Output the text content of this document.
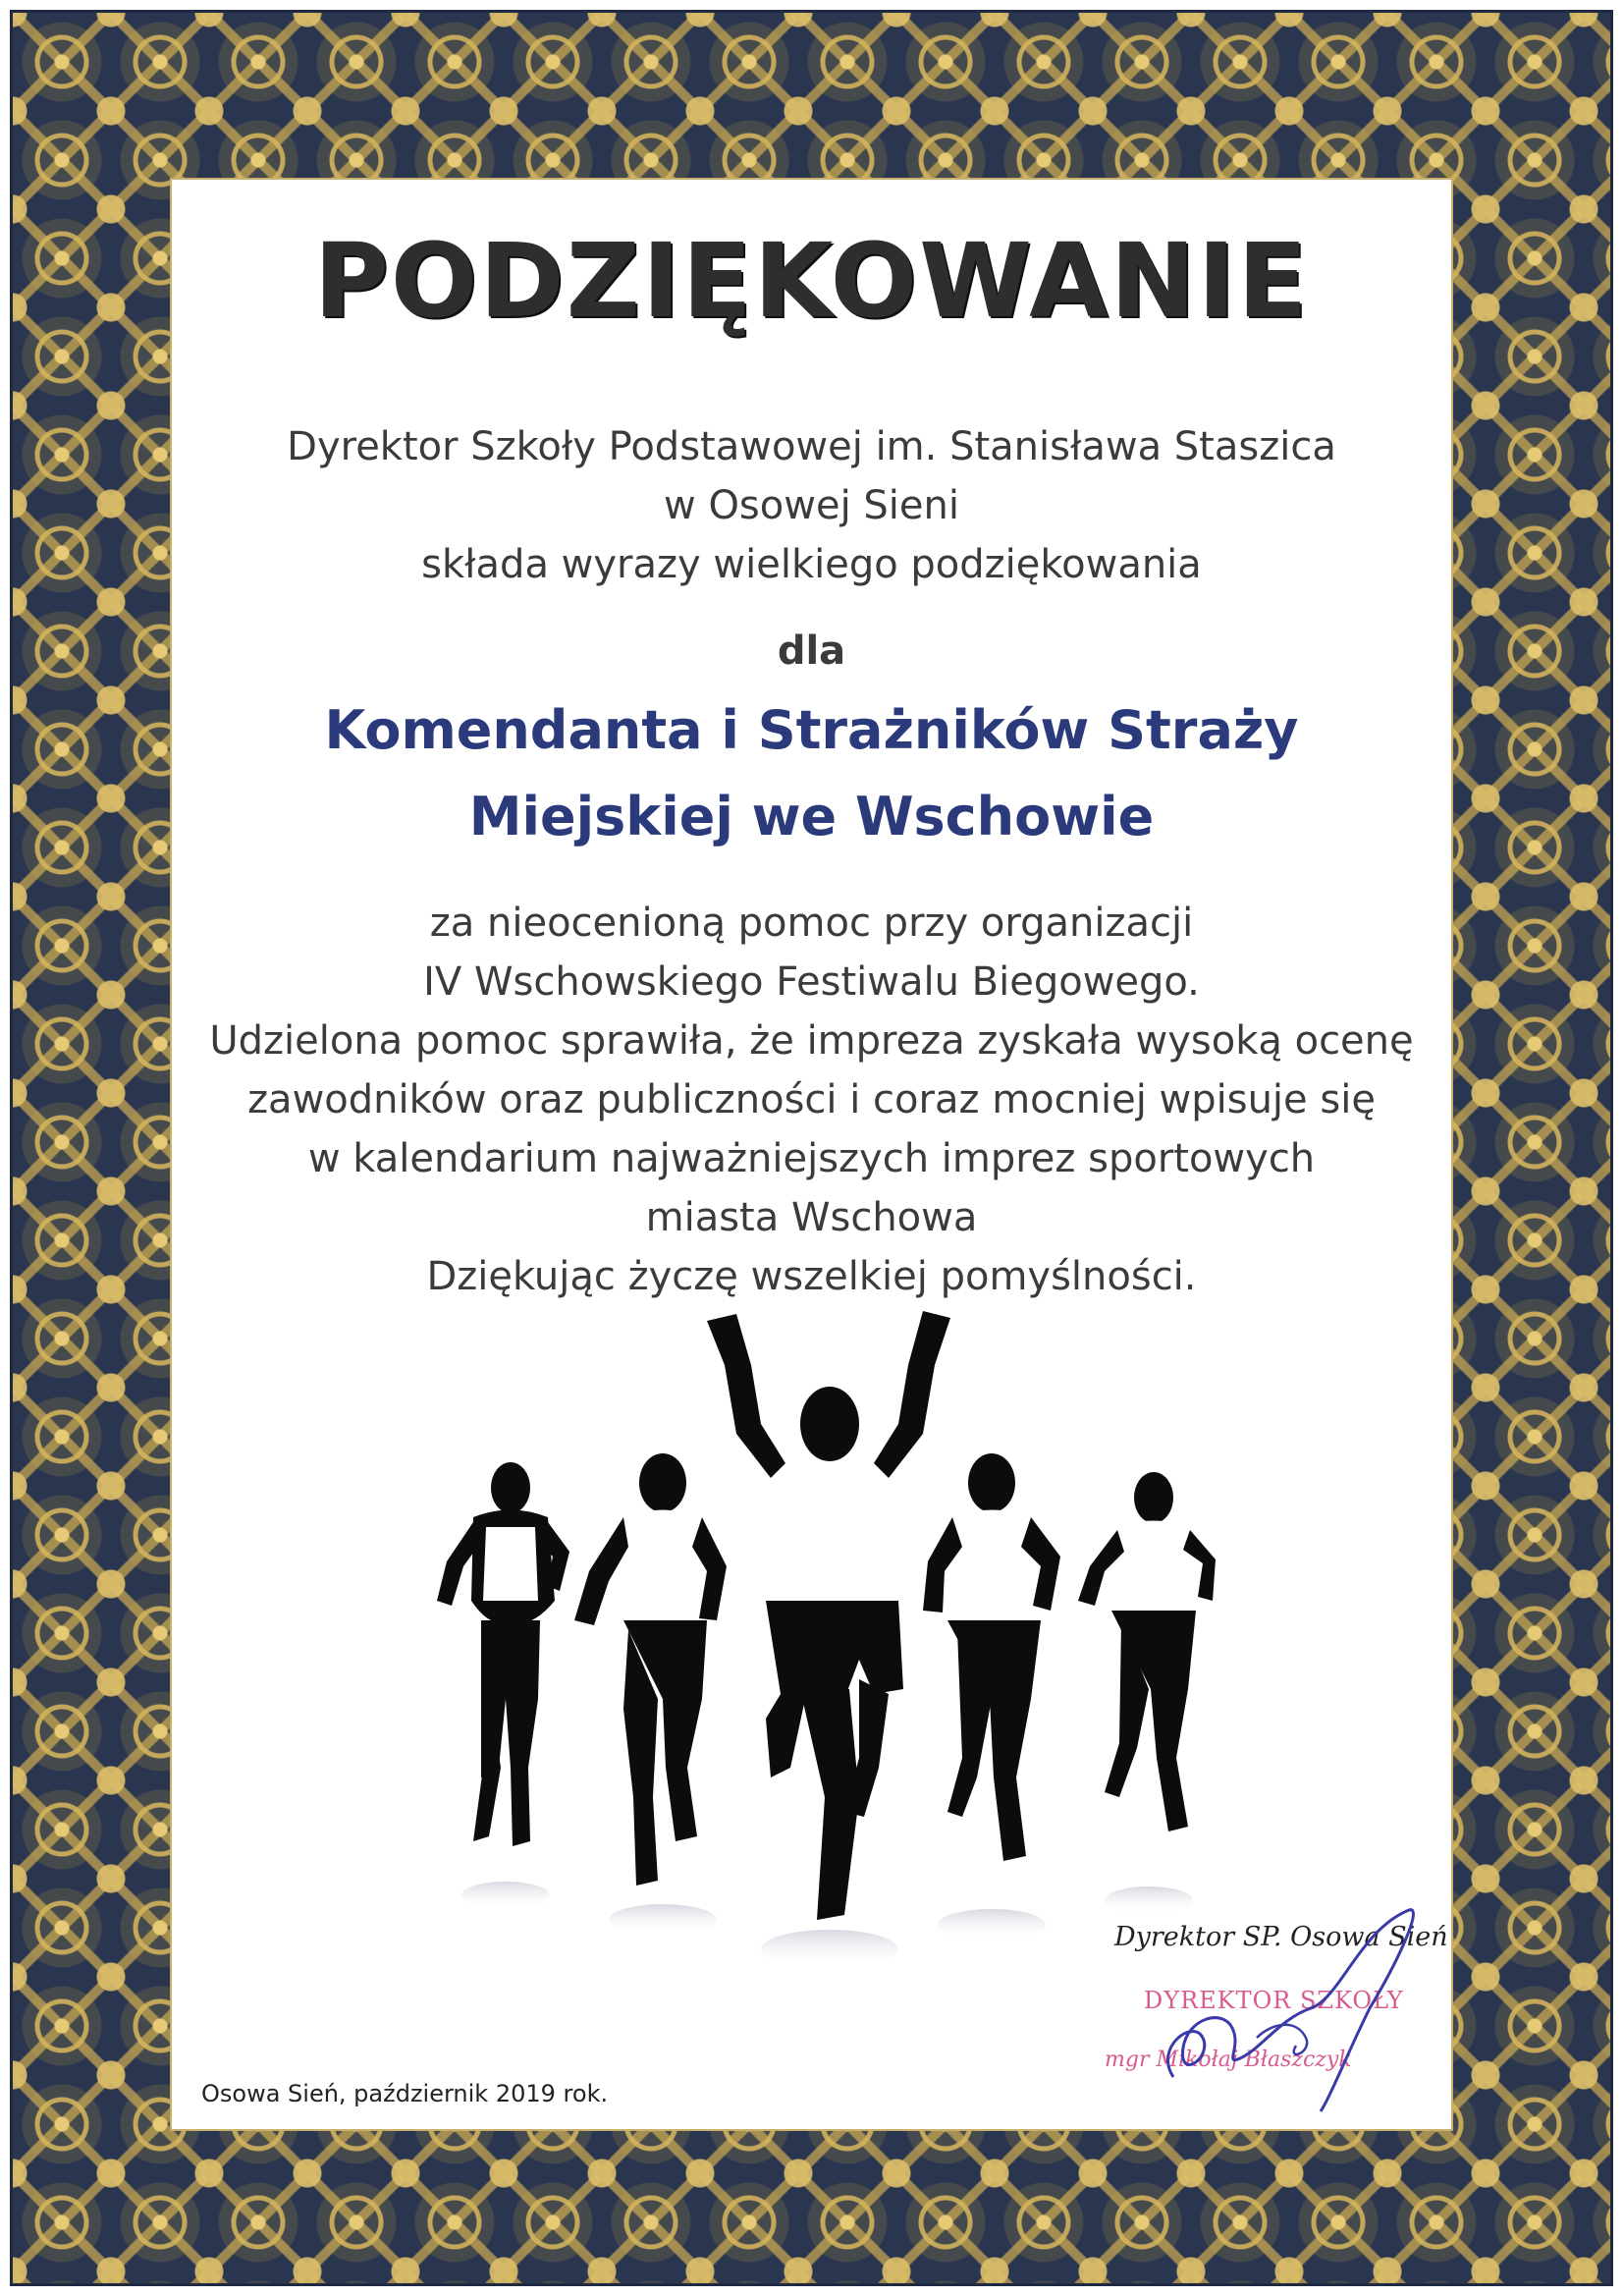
PODZIĘKOWANIE
Dyrektor Szkoły Podstawowej im. Stanisława Staszica
w Osowej Sieni
składa wyrazy wielkiego podziękowania
dla
Komendanta i Strażników Straży
Miejskiej we Wschowie
za nieocenioną pomoc przy organizacji
IV Wschowskiego Festiwalu Biegowego.
Udzielona pomoc sprawiła, że impreza zyskała wysoką ocenę
zawodników oraz publiczności i coraz mocniej wpisuje się
w kalendarium najważniejszych imprez sportowych
miasta Wschowa
Dziękując życzę wszelkiej pomyślności.
Osowa Sień, październik 2019 rok.
Dyrektor SP. Osowa Sień
DYREKTOR SZKOŁY
mgr Mikołaj Błaszczyk
